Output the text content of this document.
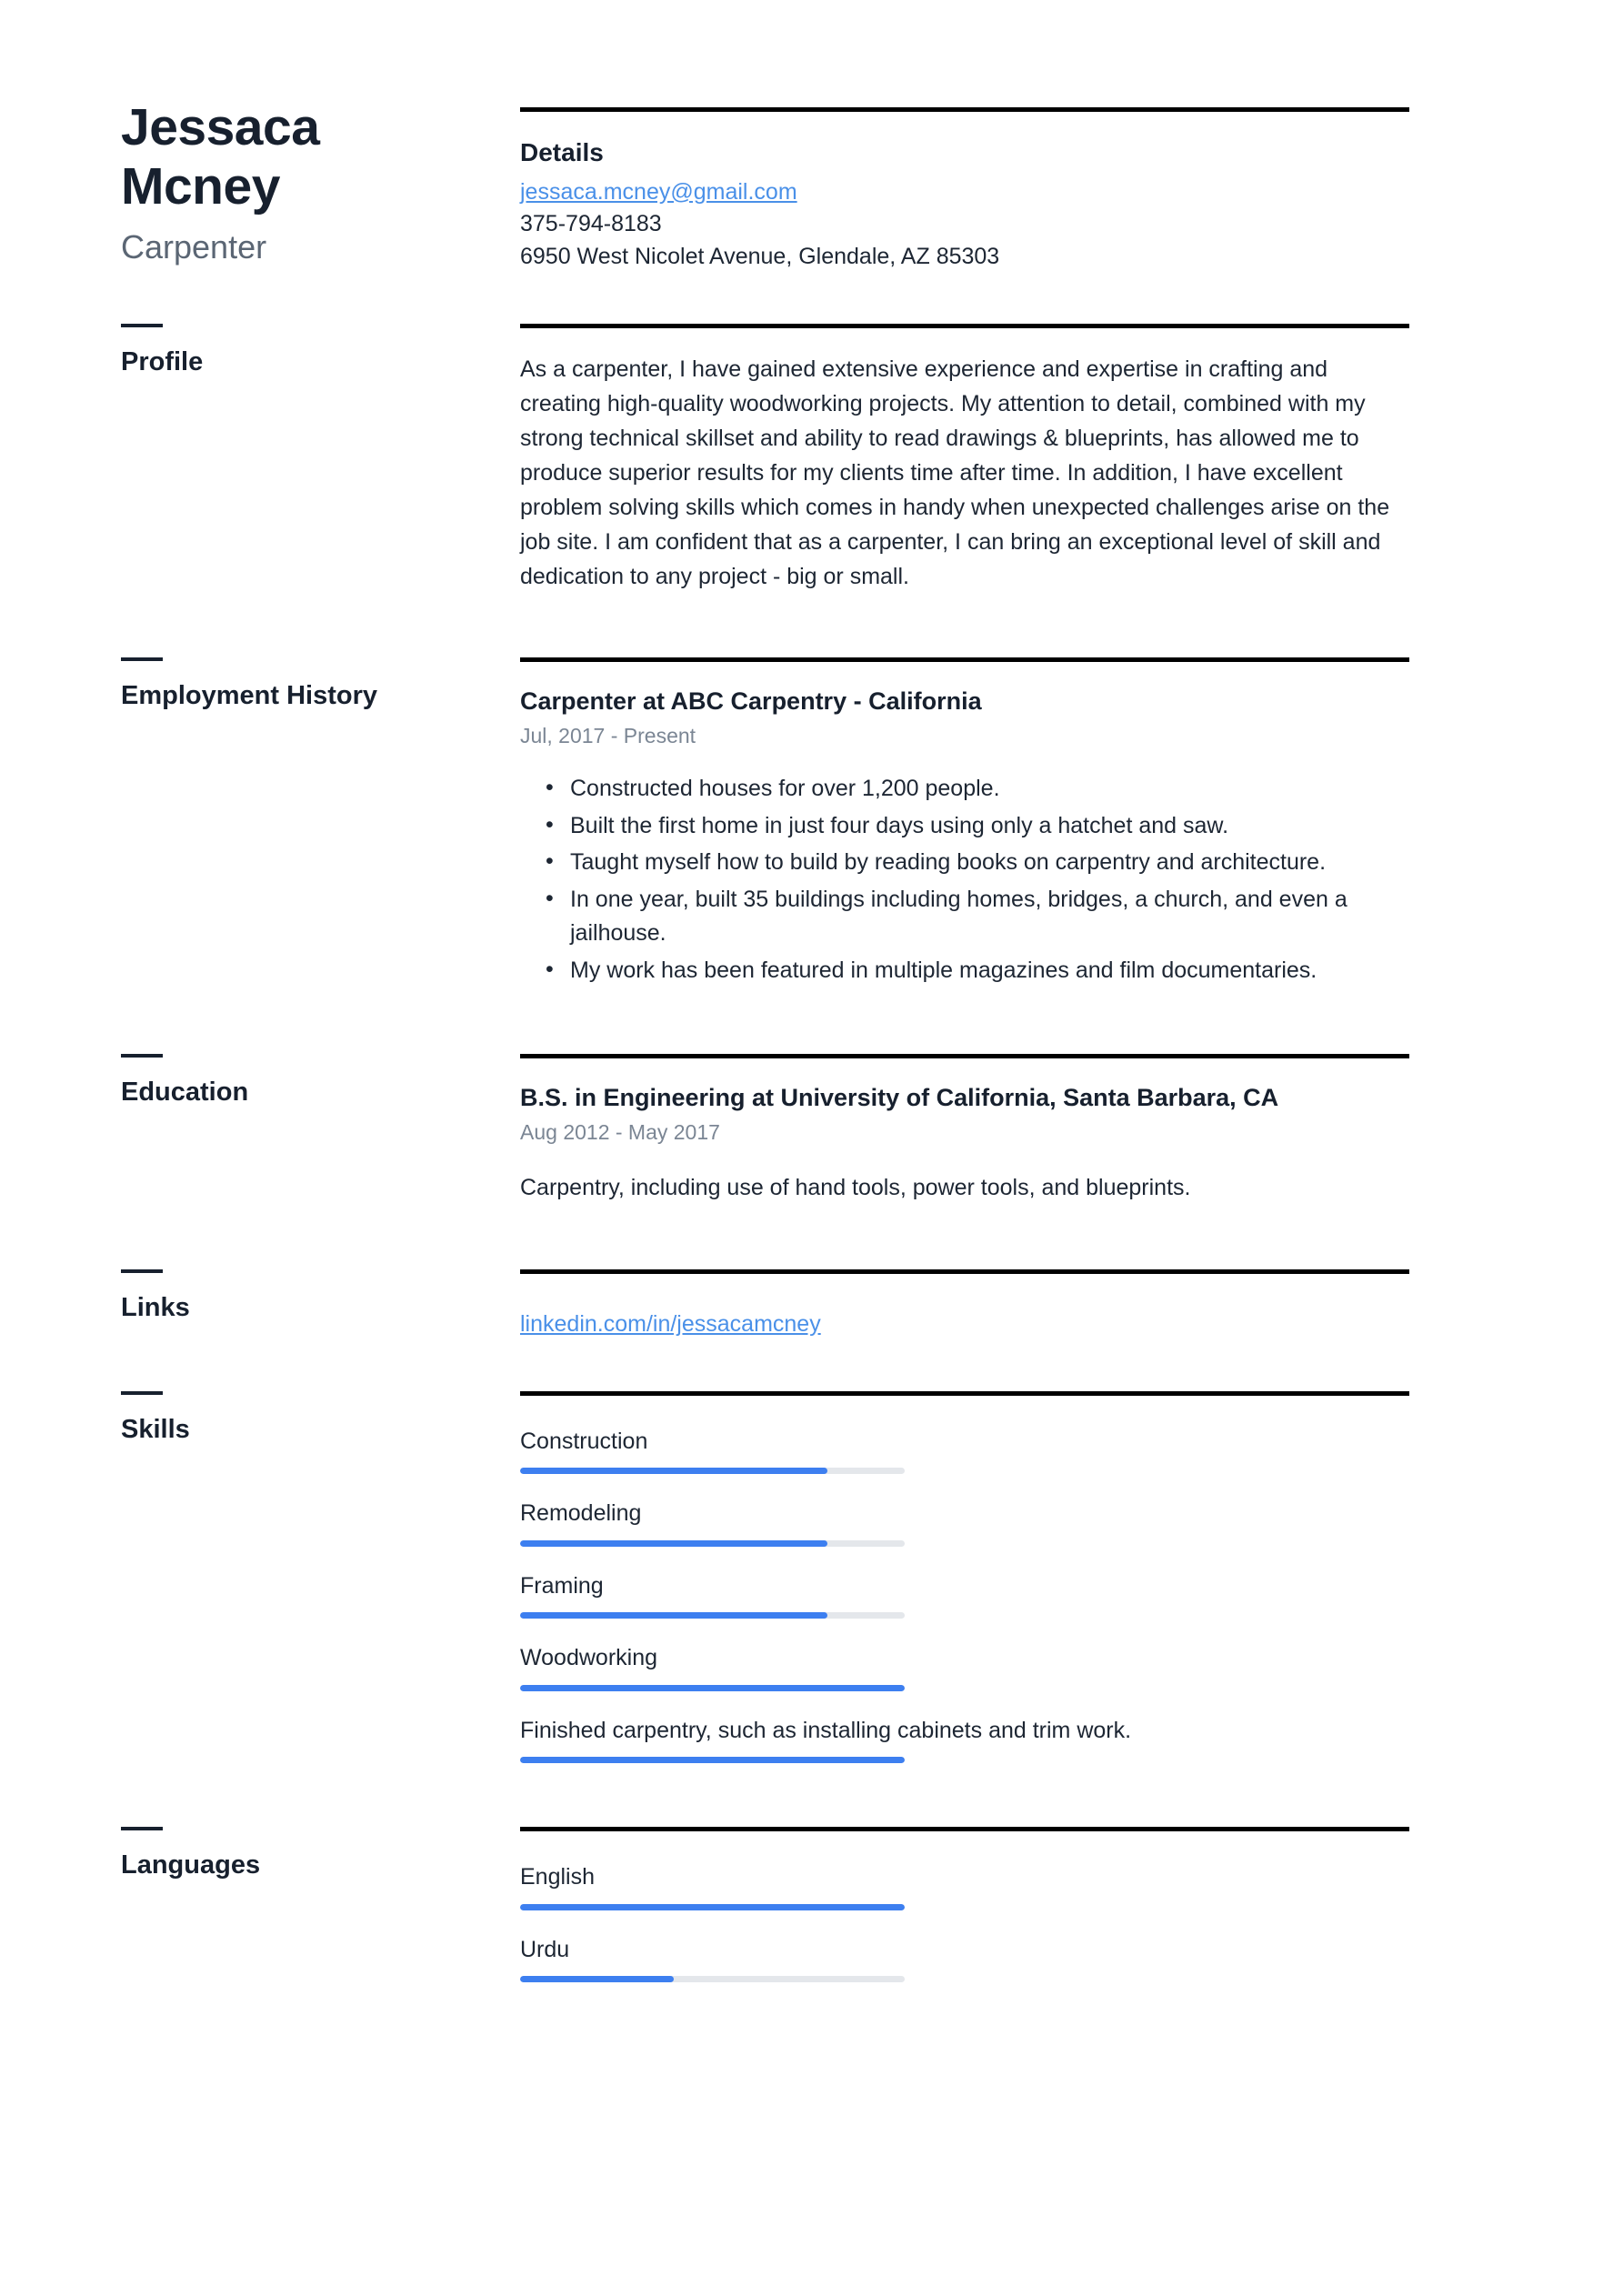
Jessaca Mcney
Carpenter
Details
jessaca.mcney@gmail.com
375-794-8183
6950 West Nicolet Avenue, Glendale, AZ 85303
Profile	As a carpenter, I have gained extensive experience and expertise in crafting and creating high-quality woodworking projects. My attention to detail, combined with my strong technical skillset and ability to read drawings & blueprints, has allowed me to produce superior results for my clients time after time. In addition, I have excellent problem solving skills which comes in handy when unexpected challenges arise on the job site. I am confident that as a carpenter, I can bring an exceptional level of skill and dedication to any project - big or small.
Employment History	Carpenter at ABC Carpentry - California
Jul, 2017 - Present
• Constructed houses for over 1,200 people.
• Built the first home in just four days using only a hatchet and saw.
• Taught myself how to build by reading books on carpentry and architecture.
• In one year, built 35 buildings including homes, bridges, a church, and even a jailhouse.
• My work has been featured in multiple magazines and film documentaries.
Education	B.S. in Engineering at University of California, Santa Barbara, CA
Aug 2012 - May 2017
Carpentry, including use of hand tools, power tools, and blueprints.
Links
linkedin.com/in/jessacamcney
Skills	Construction
Remodeling
Framing
Woodworking
Finished carpentry, such as installing cabinets and trim work.
Languages	English
Urdu
